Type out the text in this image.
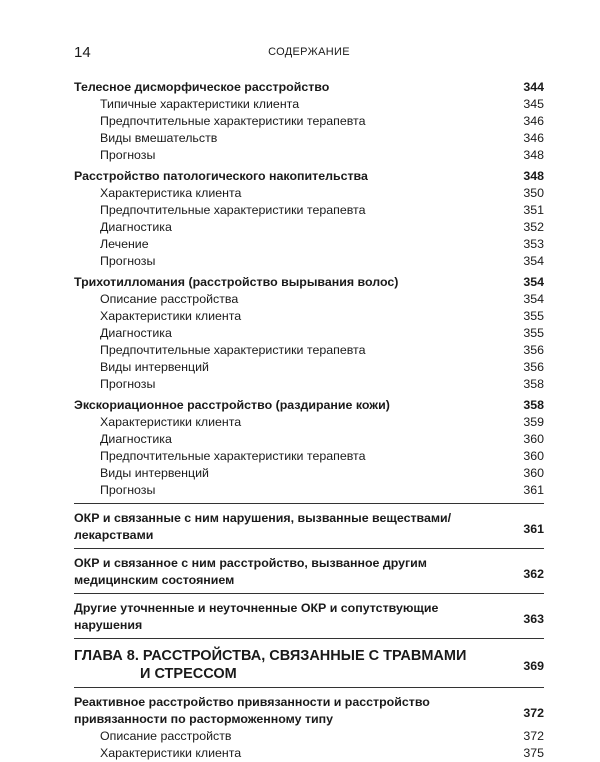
14	СОДЕРЖАНИЕ
Телесное дисморфическое расстройство	344
Типичные характеристики клиента	345
Предпочтительные характеристики терапевта	346
Виды вмешательств	346
Прогнозы	348
Расстройство патологического накопительства	348
Характеристика клиента	350
Предпочтительные характеристики терапевта	351
Диагностика	352
Лечение	353
Прогнозы	354
Трихотилломания (расстройство вырывания волос)	354
Описание расстройства	354
Характеристики клиента	355
Диагностика	355
Предпочтительные характеристики терапевта	356
Виды интервенций	356
Прогнозы	358
Экскориационное расстройство (раздирание кожи)	358
Характеристики клиента	359
Диагностика	360
Предпочтительные характеристики терапевта	360
Виды интервенций	360
Прогнозы	361
ОКР и связанные с ним нарушения, вызванные веществами/
лекарствами	361
ОКР и связанное с ним расстройство, вызванное другим
медицинским состоянием	362
Другие уточненные и неуточненные ОКР и сопутствующие
нарушения	363
ГЛАВА 8. РАССТРОЙСТВА, СВЯЗАННЫЕ С ТРАВМАМИ
И СТРЕССОМ	369
Реактивное расстройство привязанности и расстройство
привязанности по расторможенному типу	372
Описание расстройств	372
Характеристики клиента	375
